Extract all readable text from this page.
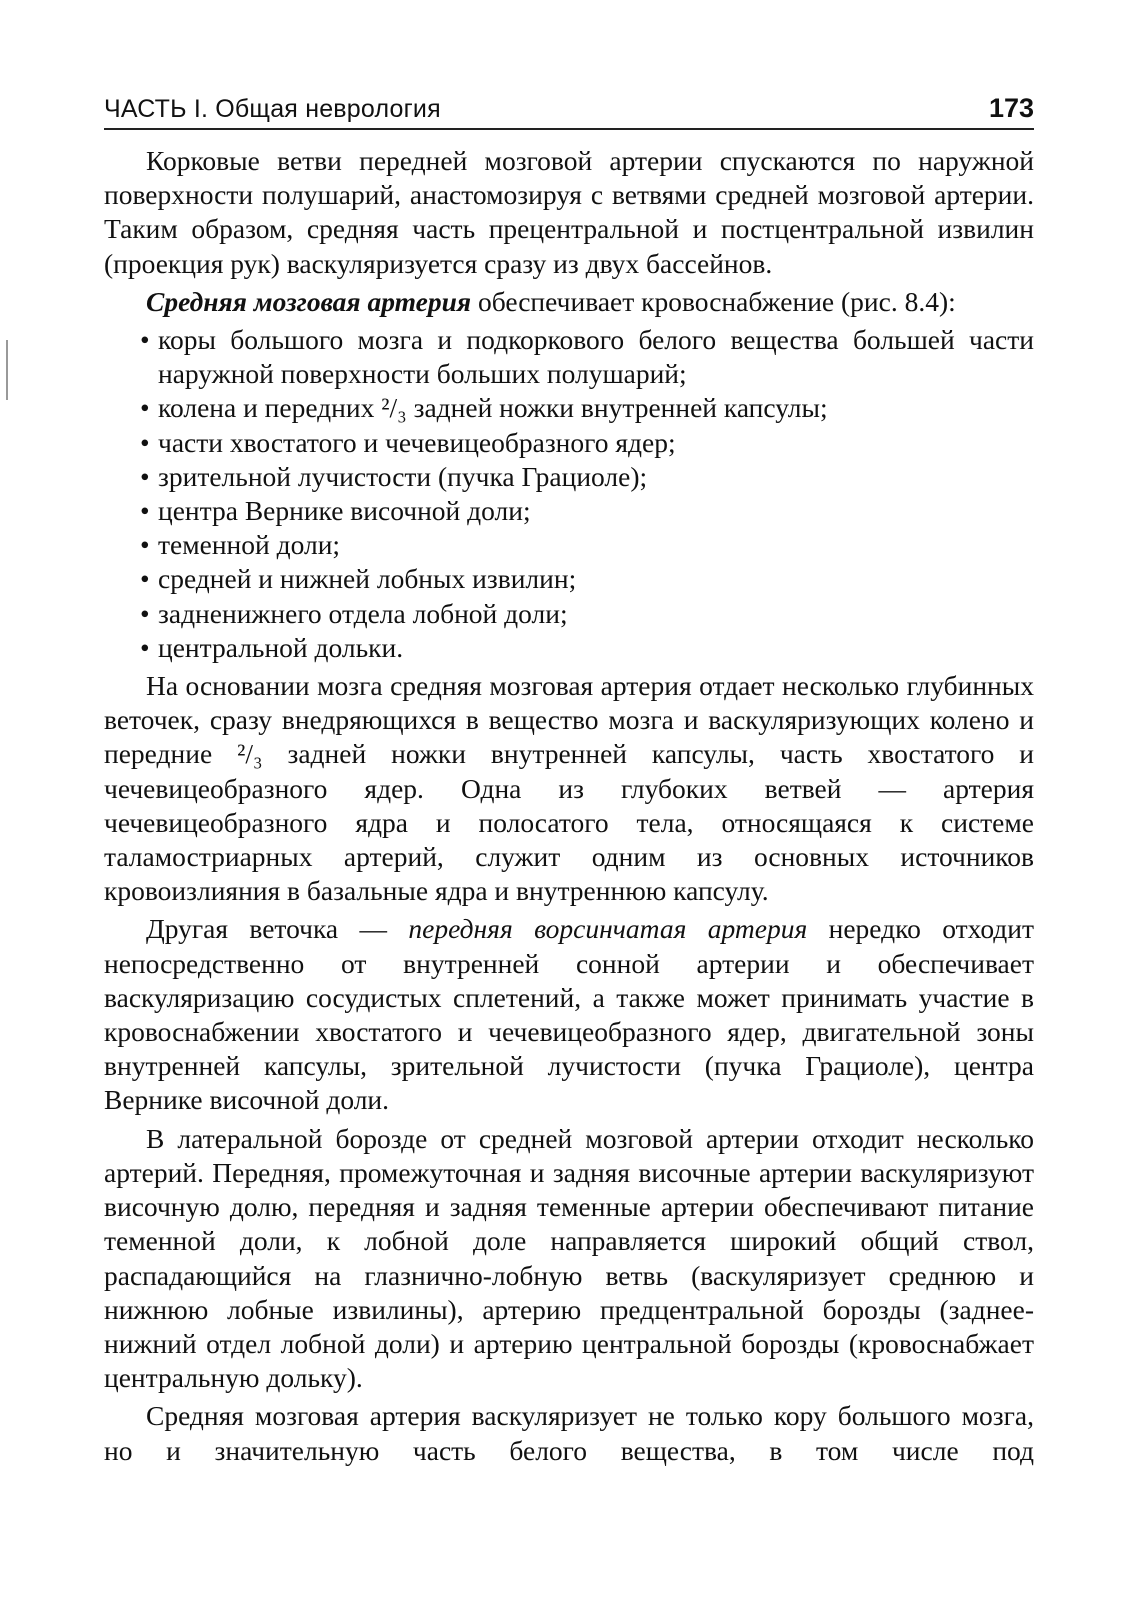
ЧАСТЬ I. Общая неврология	173

Корковые ветви передней мозговой артерии спускаются по наружной поверхности полушарий, анастомозируя с ветвями средней мозговой артерии. Таким образом, средняя часть прецентральной и постцентральной извилин (проекция рук) васкуляризуется сразу из двух бассейнов.

Средняя мозговая артерия обеспечивает кровоснабжение (рис. 8.4):

• коры большого мозга и подкоркового белого вещества большей части наружной поверхности больших полушарий;
• колена и передних ²/₃ задней ножки внутренней капсулы;
• части хвостатого и чечевицеобразного ядер;
• зрительной лучистости (пучка Грациоле);
• центра Вернике височной доли;
• теменной доли;
• средней и нижней лобных извилин;
• задненижнего отдела лобной доли;
• центральной дольки.

На основании мозга средняя мозговая артерия отдает несколько глубинных веточек, сразу внедряющихся в вещество мозга и васкуляризующих колено и передние ²/₃ задней ножки внутренней капсулы, часть хвостатого и чечевицеобразного ядер. Одна из глубоких ветвей — артерия чечевицеобразного ядра и полосатого тела, относящаяся к системе таламостриарных артерий, служит одним из основных источников кровоизлияния в базальные ядра и внутреннюю капсулу.

Другая веточка — передняя ворсинчатая артерия нередко отходит непосредственно от внутренней сонной артерии и обеспечивает васкуляризацию сосудистых сплетений, а также может принимать участие в кровоснабжении хвостатого и чечевицеобразного ядер, двигательной зоны внутренней капсулы, зрительной лучистости (пучка Грациоле), центра Вернике височной доли.

В латеральной борозде от средней мозговой артерии отходит несколько артерий. Передняя, промежуточная и задняя височные артерии васкуляризуют височную долю, передняя и задняя теменные артерии обеспечивают питание теменной доли, к лобной доле направляется широкий общий ствол, распадающийся на глазнично-лобную ветвь (васкуляризует среднюю и нижнюю лобные извилины), артерию предцентральной борозды (заднее-нижний отдел лобной доли) и артерию центральной борозды (кровоснабжает центральную дольку).

Средняя мозговая артерия васкуляризует не только кору большого мозга, но и значительную часть белого вещества, в том числе под
